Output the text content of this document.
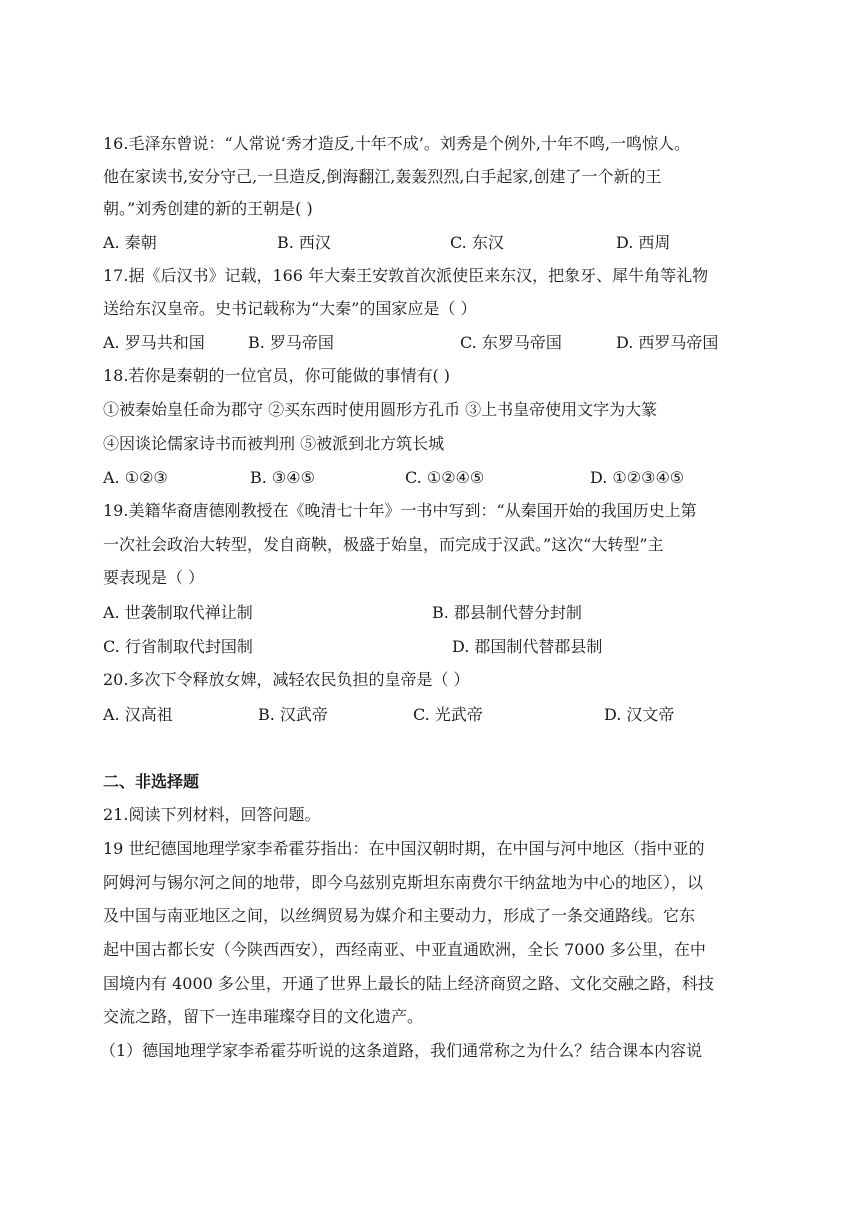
16.毛泽东曾说：“人常说‘秀才造反,十年不成’。刘秀是个例外,十年不鸣,一鸣惊人。
他在家读书,安分守己,一旦造反,倒海翻江,轰轰烈烈,白手起家,创建了一个新的王
朝。”刘秀创建的新的王朝是( )
A. 秦朝	B. 西汉	C. 东汉	D. 西周
17.据《后汉书》记载，166 年大秦王安敦首次派使臣来东汉，把象牙、犀牛角等礼物
送给东汉皇帝。史书记载称为“大秦”的国家应是（ ）
A. 罗马共和国	B. 罗马帝国	C. 东罗马帝国	D. 西罗马帝国
18.若你是秦朝的一位官员，你可能做的事情有( )
①被秦始皇任命为郡守 ②买东西时使用圆形方孔币 ③上书皇帝使用文字为大篆
④因谈论儒家诗书而被判刑 ⑤被派到北方筑长城
A. ①②③	B. ③④⑤	C. ①②④⑤	D. ①②③④⑤
19.美籍华裔唐德刚教授在《晚清七十年》一书中写到：“从秦国开始的我国历史上第
一次社会政治大转型，发自商鞅，极盛于始皇，而完成于汉武。”这次“大转型”主
要表现是（ ）
A. 世袭制取代禅让制	B. 郡县制代替分封制
C. 行省制取代封国制	D. 郡国制代替郡县制
20.多次下令释放女婢，减轻农民负担的皇帝是（ ）
A. 汉高祖	B. 汉武帝	C. 光武帝	D. 汉文帝
二、非选择题
21.阅读下列材料，回答问题。
19 世纪德国地理学家李希霍芬指出：在中国汉朝时期，在中国与河中地区（指中亚的
阿姆河与锡尔河之间的地带，即今乌兹别克斯坦东南费尔干纳盆地为中心的地区），以
及中国与南亚地区之间，以丝绸贸易为媒介和主要动力，形成了一条交通路线。它东
起中国古都长安（今陕西西安），西经南亚、中亚直通欧洲，全长 7000 多公里，在中
国境内有 4000 多公里，开通了世界上最长的陆上经济商贸之路、文化交融之路，科技
交流之路，留下一连串璀璨夺目的文化遗产。
（1）德国地理学家李希霍芬听说的这条道路，我们通常称之为什么？结合课本内容说
